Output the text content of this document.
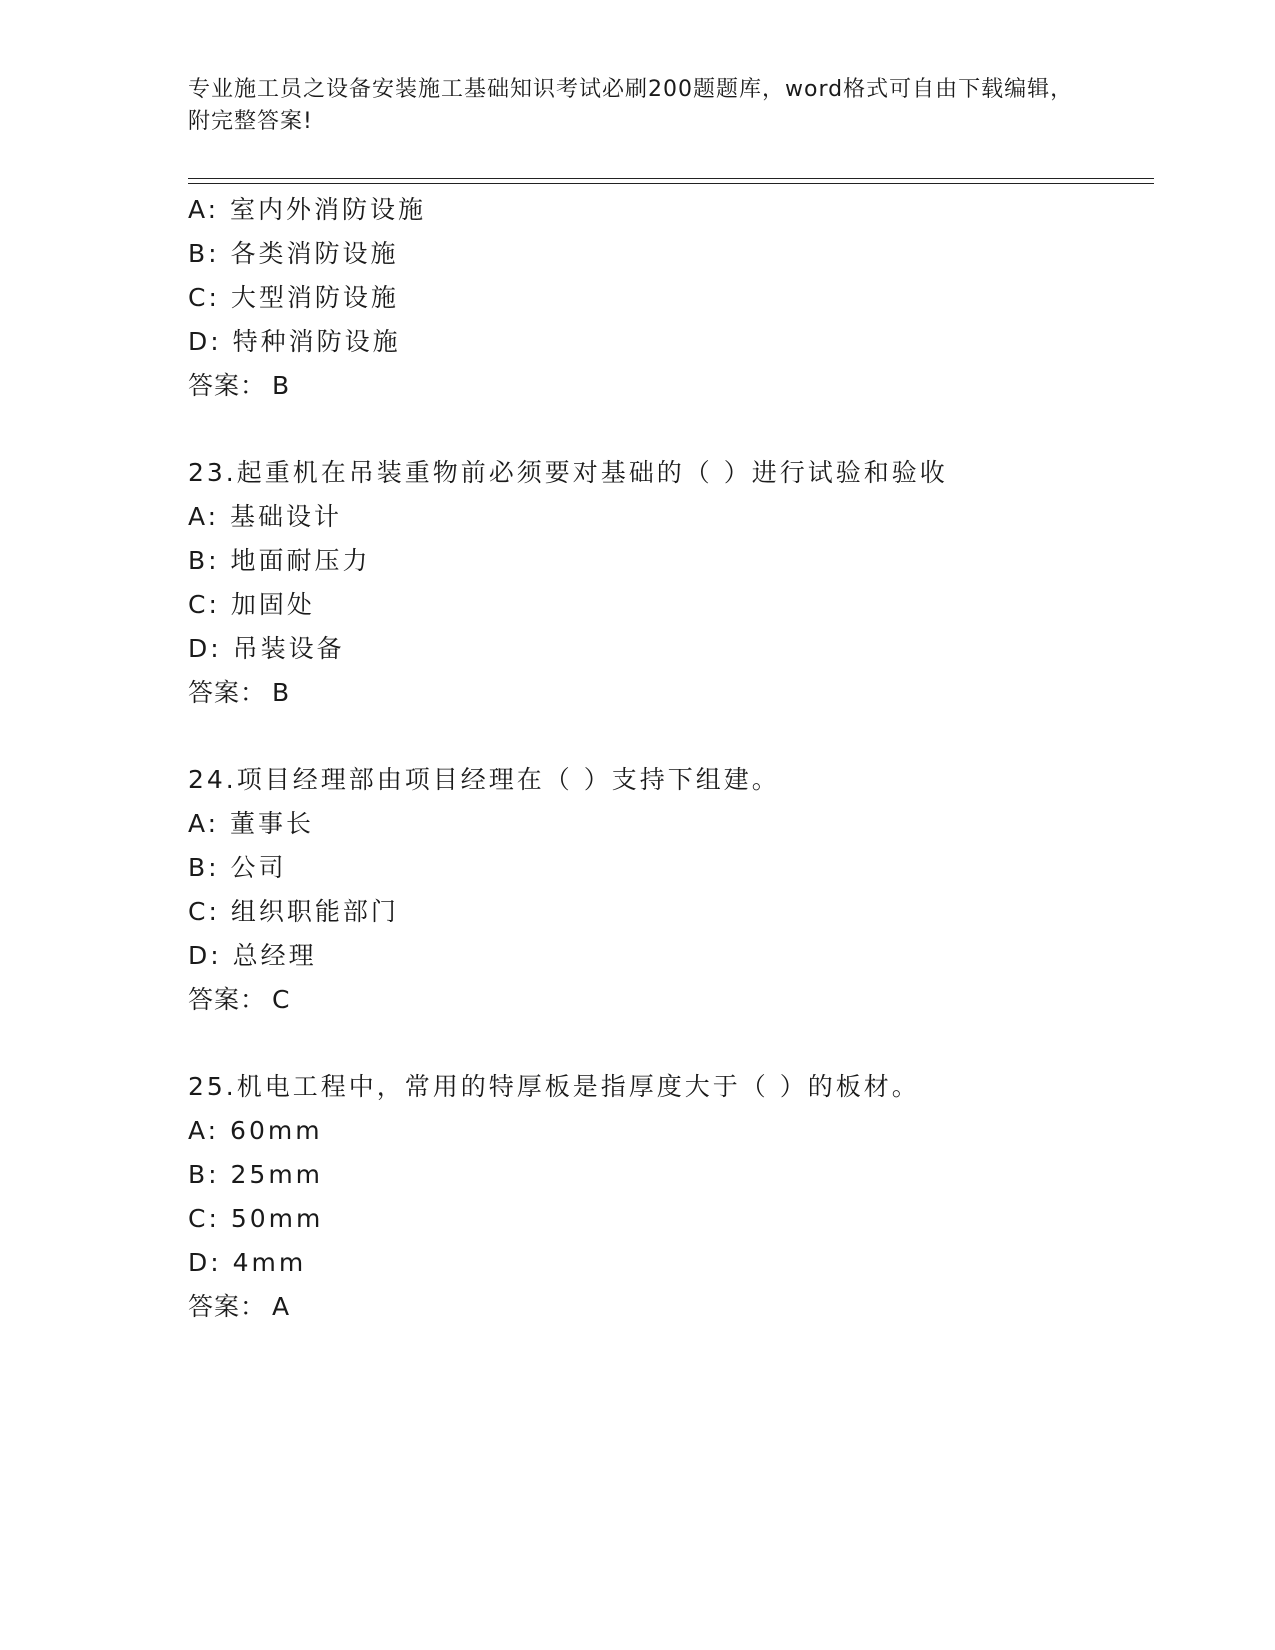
专业施工员之设备安装施工基础知识考试必刷200题题库，word格式可自由下载编辑，附完整答案!
A: 室内外消防设施
B: 各类消防设施
C: 大型消防设施
D: 特种消防设施
答案： B
23.起重机在吊装重物前必须要对基础的（ ）进行试验和验收
A: 基础设计
B: 地面耐压力
C: 加固处
D: 吊装设备
答案： B
24.项目经理部由项目经理在（ ）支持下组建。
A: 董事长
B: 公司
C: 组织职能部门
D: 总经理
答案： C
25.机电工程中，常用的特厚板是指厚度大于（ ）的板材。
A: 60mm
B: 25mm
C: 50mm
D: 4mm
答案： A
